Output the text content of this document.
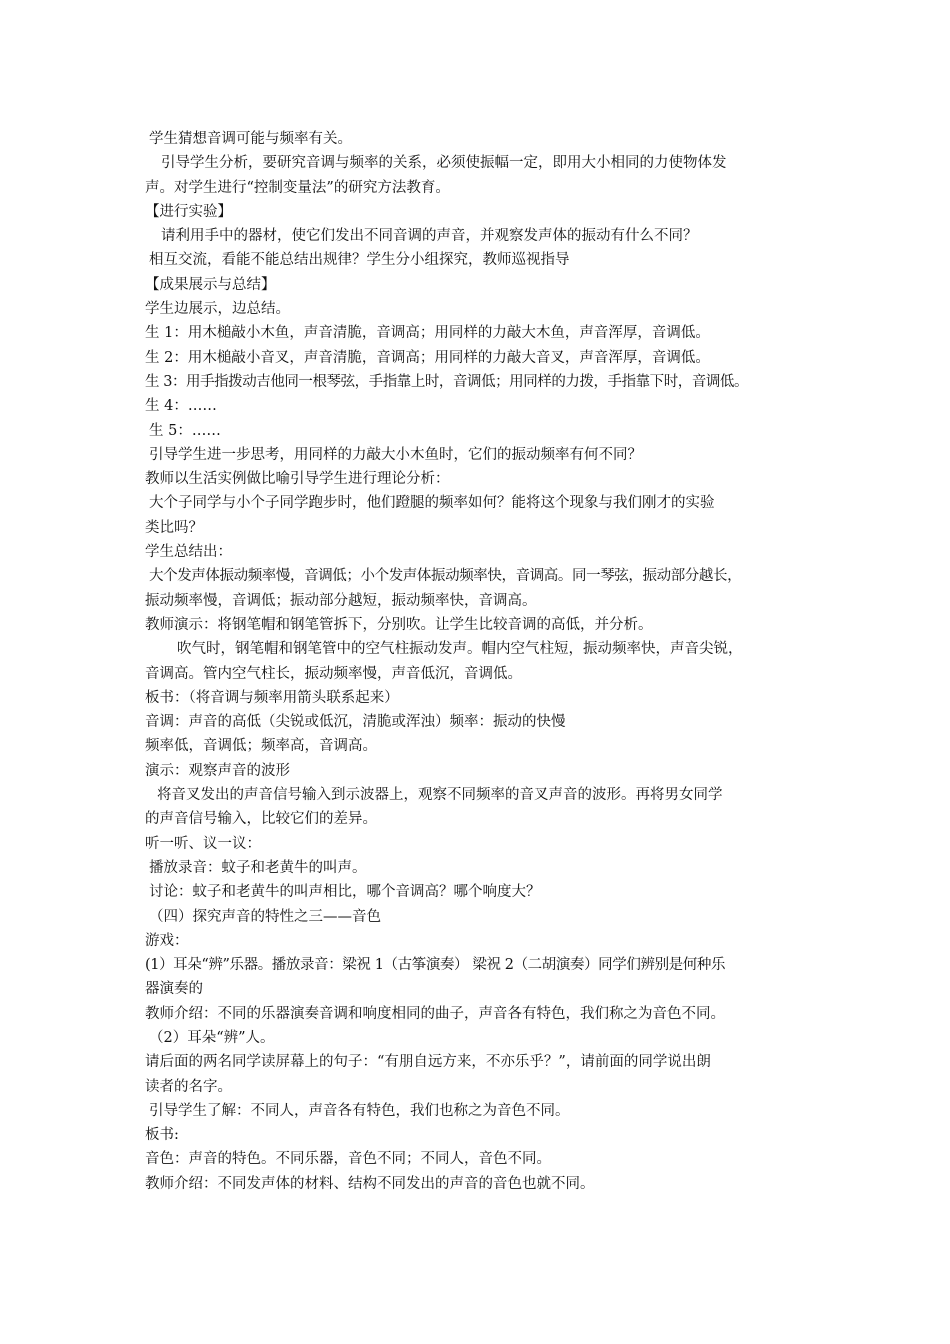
学生猜想音调可能与频率有关。
引导学生分析，要研究音调与频率的关系，必须使振幅一定，即用大小相同的力使物体发
声。对学生进行“控制变量法”的研究方法教育。
【进行实验】
请利用手中的器材，使它们发出不同音调的声音，并观察发声体的振动有什么不同？
相互交流，看能不能总结出规律？学生分小组探究，教师巡视指导
【成果展示与总结】
学生边展示，边总结。
生 1：用木槌敲小木鱼，声音清脆，音调高；用同样的力敲大木鱼，声音浑厚，音调低。
生 2：用木槌敲小音叉，声音清脆，音调高；用同样的力敲大音叉，声音浑厚，音调低。
生 3：用手指拨动吉他同一根琴弦，手指靠上时，音调低；用同样的力拨，手指靠下时，音调低。
生 4：……
生 5：……
引导学生进一步思考，用同样的力敲大小木鱼时，它们的振动频率有何不同？
教师以生活实例做比喻引导学生进行理论分析：
大个子同学与小个子同学跑步时，他们蹬腿的频率如何？能将这个现象与我们刚才的实验
类比吗？
学生总结出：
大个发声体振动频率慢，音调低；小个发声体振动频率快，音调高。同一琴弦，振动部分越长，
振动频率慢，音调低；振动部分越短，振动频率快，音调高。
教师演示：将钢笔帽和钢笔管拆下，分别吹。让学生比较音调的高低，并分析。
吹气时，钢笔帽和钢笔管中的空气柱振动发声。帽内空气柱短，振动频率快，声音尖锐，
音调高。管内空气柱长，振动频率慢，声音低沉，音调低。
板书：（将音调与频率用箭头联系起来）
音调：声音的高低（尖锐或低沉，清脆或浑浊）频率：振动的快慢
频率低，音调低；频率高，音调高。
演示：观察声音的波形
将音叉发出的声音信号输入到示波器上，观察不同频率的音叉声音的波形。再将男女同学
的声音信号输入，比较它们的差异。
听一听、议一议：
播放录音：蚊子和老黄牛的叫声。
讨论：蚊子和老黄牛的叫声相比，哪个音调高？哪个响度大？
（四）探究声音的特性之三——音色
游戏：
(1）耳朵“辨”乐器。播放录音：梁祝 1（古筝演奏） 梁祝 2（二胡演奏）同学们辨别是何种乐
器演奏的
教师介绍：不同的乐器演奏音调和响度相同的曲子，声音各有特色，我们称之为音色不同。
（2）耳朵“辨”人。
请后面的两名同学读屏幕上的句子：“有朋自远方来，不亦乐乎？”，请前面的同学说出朗
读者的名字。
引导学生了解：不同人，声音各有特色，我们也称之为音色不同。
板书:
音色：声音的特色。不同乐器，音色不同；不同人，音色不同。
教师介绍：不同发声体的材料、结构不同发出的声音的音色也就不同。
